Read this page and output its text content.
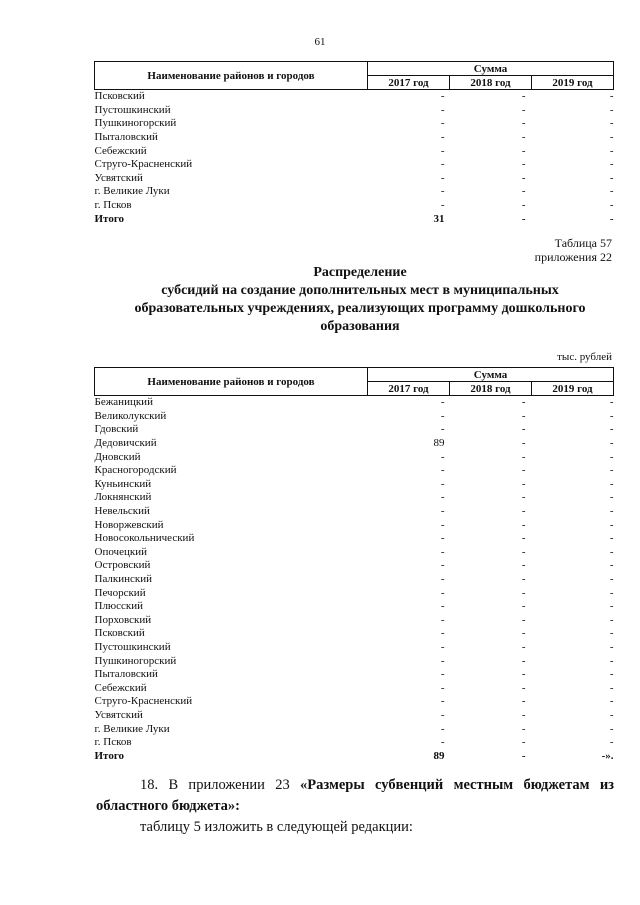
61
Наименование районов и городов	Сумма		
	2017 год	2018 год	2019 год
Псковский	-	-	-
Пустошкинский	-	-	-
Пушкиногорский	-	-	-
Пыталовский	-	-	-
Себежский	-	-	-
Струго-Красненский	-	-	-
Усвятский	-	-	-
г. Великие Луки	-	-	-
г. Псков	-	-	-
Итого	31	-	-
Таблица 57
приложения 22
Распределение
субсидий на создание дополнительных мест в муниципальных
образовательных учреждениях, реализующих программу дошкольного
образования
тыс. рублей
Наименование районов и городов	Сумма		
	2017 год	2018 год	2019 год
Бежаницкий	-	-	-
Великолукский	-	-	-
Гдовский	-	-	-
Дедовичский	89	-	-
Дновский	-	-	-
Красногородский	-	-	-
Куньинский	-	-	-
Локнянский	-	-	-
Невельский	-	-	-
Новоржевский	-	-	-
Новосокольнический	-	-	-
Опочецкий	-	-	-
Островский	-	-	-
Палкинский	-	-	-
Печорский	-	-	-
Плюсский	-	-	-
Порховский	-	-	-
Псковский	-	-	-
Пустошкинский	-	-	-
Пушкиногорский	-	-	-
Пыталовский	-	-	-
Себежский	-	-	-
Струго-Красненский	-	-	-
Усвятский	-	-	-
г. Великие Луки	-	-	-
г. Псков	-	-	-
Итого	89	-	-».

18. В приложении 23 «Размеры субвенций местным бюджетам из

областного бюджета»:

таблицу 5 изложить в следующей редакции:
